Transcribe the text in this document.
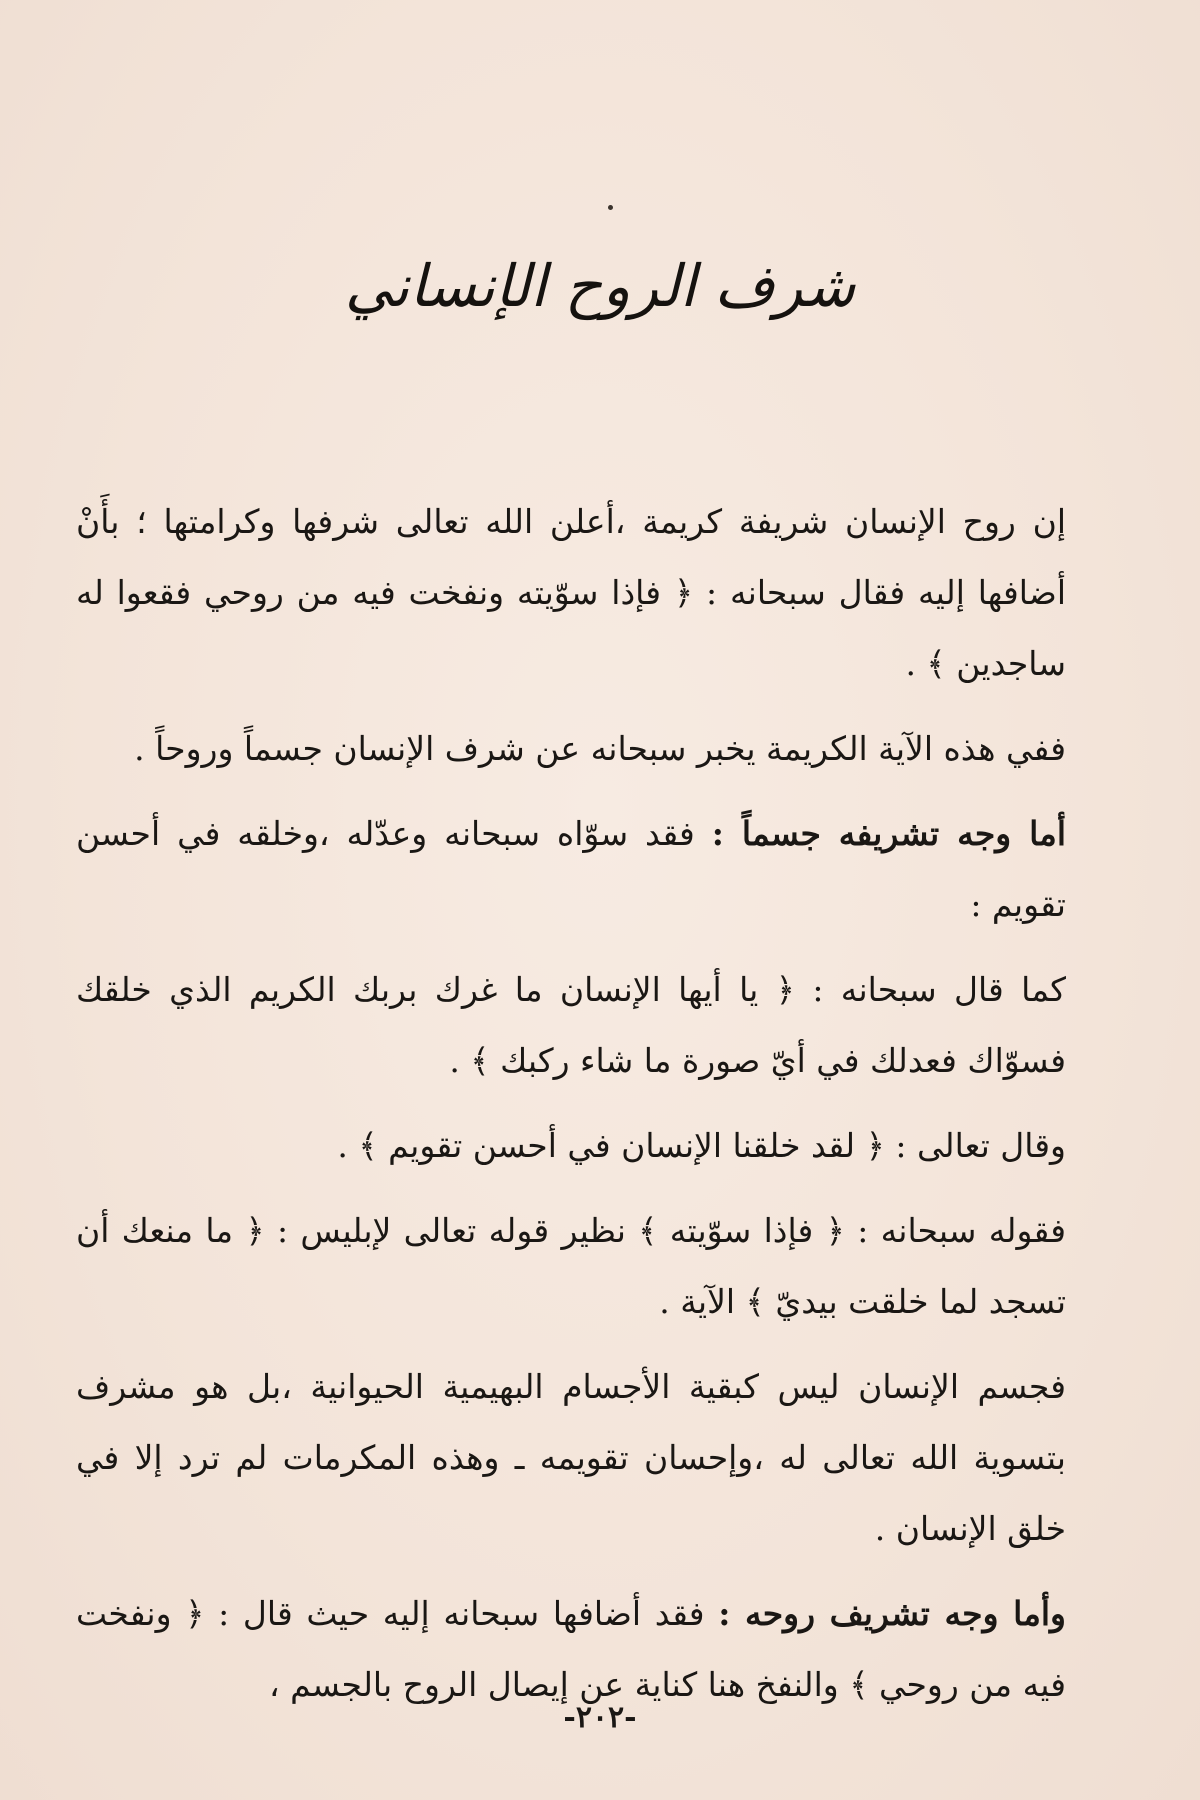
شرف الروح الإنساني

إن روح الإنسان شريفة كريمة ،أعلن الله تعالى شرفها وكرامتها ؛ بأَنْ أضافها إليه فقال سبحانه : ﴿ فإذا سوّيته ونفخت فيه من روحي فقعوا له ساجدين ﴾ .

ففي هذه الآية الكريمة يخبر سبحانه عن شرف الإنسان جسماً وروحاً .

أما وجه تشريفه جسماً : فقد سوّاه سبحانه وعدّله ،وخلقه في أحسن تقويم :

كما قال سبحانه : ﴿ يا أيها الإنسان ما غرك بربك الكريم الذي خلقك فسوّاك فعدلك في أيّ صورة ما شاء ركبك ﴾ .

وقال تعالى : ﴿ لقد خلقنا الإنسان في أحسن تقويم ﴾ .

فقوله سبحانه : ﴿ فإذا سوّيته ﴾ نظير قوله تعالى لإبليس : ﴿ ما منعك أن تسجد لما خلقت بيديّ ﴾ الآية .

فجسم الإنسان ليس كبقية الأجسام البهيمية الحيوانية ،بل هو مشرف بتسوية الله تعالى له ،وإحسان تقويمه ـ وهذه المكرمات لم ترد إلا في خلق الإنسان .

وأما وجه تشريف روحه : فقد أضافها سبحانه إليه حيث قال : ﴿ ونفخت فيه من روحي ﴾ والنفخ هنا كناية عن إيصال الروح بالجسم ،

-٢٠٢-
